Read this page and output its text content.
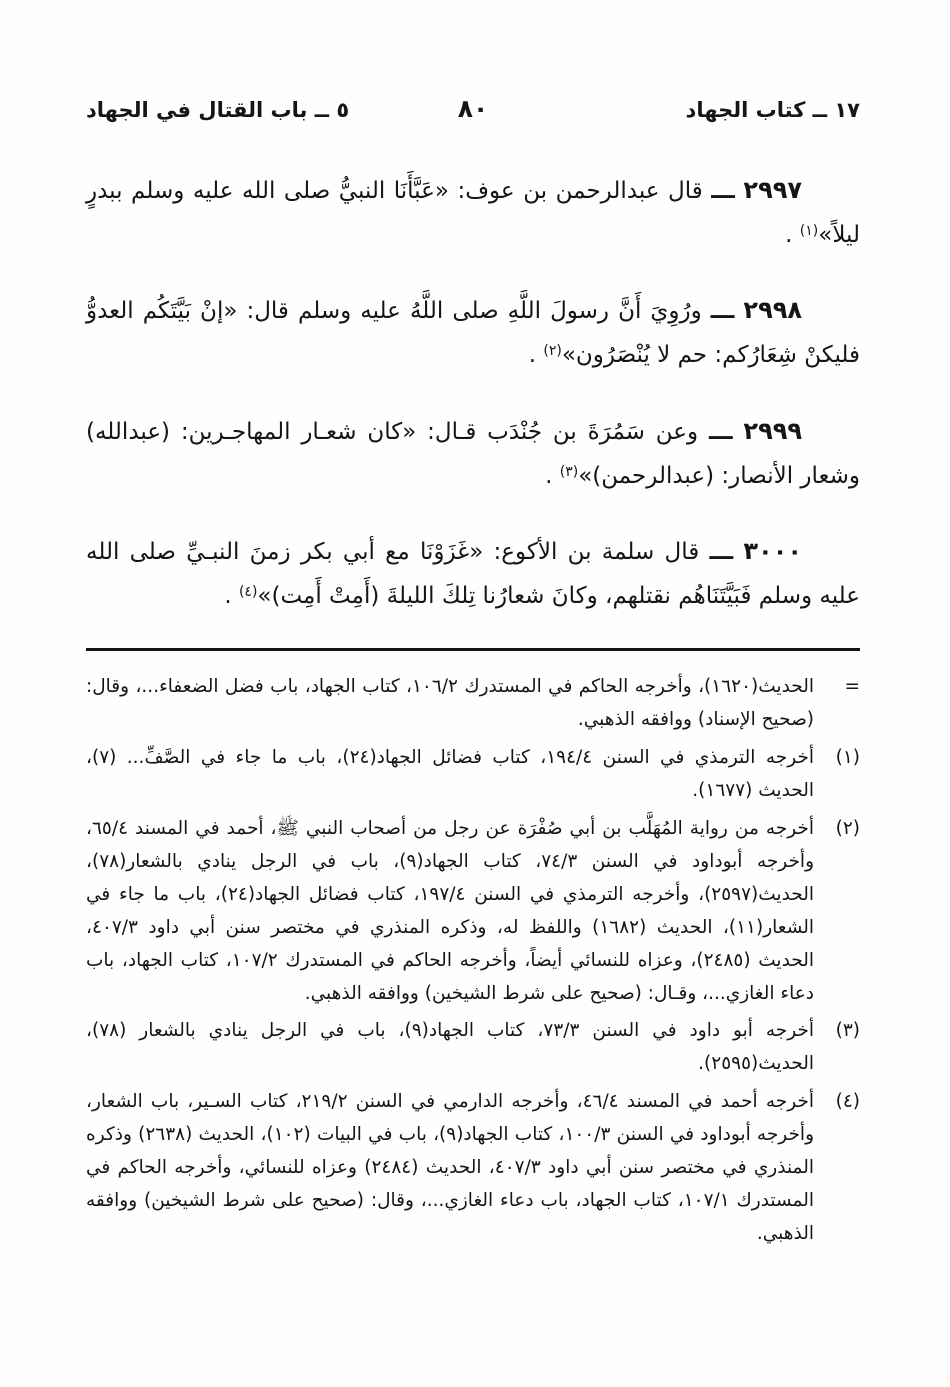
١٧ ــ كتاب الجهاد
٨٠
٥ ــ باب القتال في الجهاد

٢٩٩٧ ـــ قال عبدالرحمن بن عوف: «عَبَّأَنَا النبيُّ صلى الله عليه وسلم ببدرٍ ليلاً»$^{(١)}$ .

٢٩٩٨ ـــ ورُوِيَ أَنَّ رسولَ اللَّهِ صلى اللَّهُ عليه وسلم قال: «إنْ بَيَّتَكُم العدوُّ فليكنْ شِعَارُكم: حم لا يُنْصَرُون»$^{(٢)}$ .

٢٩٩٩ ـــ وعن سَمُرَةَ بن جُنْدَب قـال: «كان شعـار المهاجـرين: (عبدالله) وشعار الأنصار: (عبدالرحمن)»$^{(٣)}$ .

٣٠٠٠ ـــ قال سلمة بن الأكوع: «غَزَوْنَا مع أبي بكر زمنَ النبـيِّ صلى الله عليه وسلم فَبَيَّتَنَاهُم نقتلهم، وكانَ شعارُنا تِلكَ الليلةَ (أَمِتْ أَمِت)»$^{(٤)}$ .

=الحديث(١٦٢٠)، وأخرجه الحاكم في المستدرك ١٠٦/٢، كتاب الجهاد، باب فضل الضعفاء...، وقال: (صحيح الإسناد) ووافقه الذهبي.
(١)أخرجه الترمذي في السنن ١٩٤/٤، كتاب فضائل الجهاد(٢٤)، باب ما جاء في الصَّفِّ... (٧)، الحديث (١٦٧٧).
(٢)أخرجه من رواية المُهَلَّب بن أبي صُفْرَة عن رجل من أصحاب النبي ﷺ، أحمد في المسند ٦٥/٤، وأخرجه أبوداود في السنن ٧٤/٣، كتاب الجهاد(٩)، باب في الرجل ينادي بالشعار(٧٨)، الحديث(٢٥٩٧)، وأخرجه الترمذي في السنن ١٩٧/٤، كتاب فضائل الجهاد(٢٤)، باب ما جاء في الشعار(١١)، الحديث (١٦٨٢) واللفظ له، وذكره المنذري في مختصر سنن أبي داود ٤٠٧/٣، الحديث (٢٤٨٥)، وعزاه للنسائي أيضاً، وأخرجه الحاكم في المستدرك ١٠٧/٢، كتاب الجهاد، باب دعاء الغازي...، وقـال: (صحيح على شرط الشيخين) ووافقه الذهبي.
(٣)أخرجه أبو داود في السنن ٧٣/٣، كتاب الجهاد(٩)، باب في الرجل ينادي بالشعار (٧٨)، الحديث(٢٥٩٥).
(٤)أخرجه أحمد في المسند ٤٦/٤، وأخرجه الدارمي في السنن ٢١٩/٢، كتاب السـير، باب الشعار، وأخرجه أبوداود في السنن ١٠٠/٣، كتاب الجهاد(٩)، باب في البيات (١٠٢)، الحديث (٢٦٣٨) وذكره المنذري في مختصر سنن أبي داود ٤٠٧/٣، الحديث (٢٤٨٤) وعزاه للنسائي، وأخرجه الحاكم في المستدرك ١٠٧/١، كتاب الجهاد، باب دعاء الغازي...، وقال: (صحيح على شرط الشيخين) ووافقه الذهبي.
